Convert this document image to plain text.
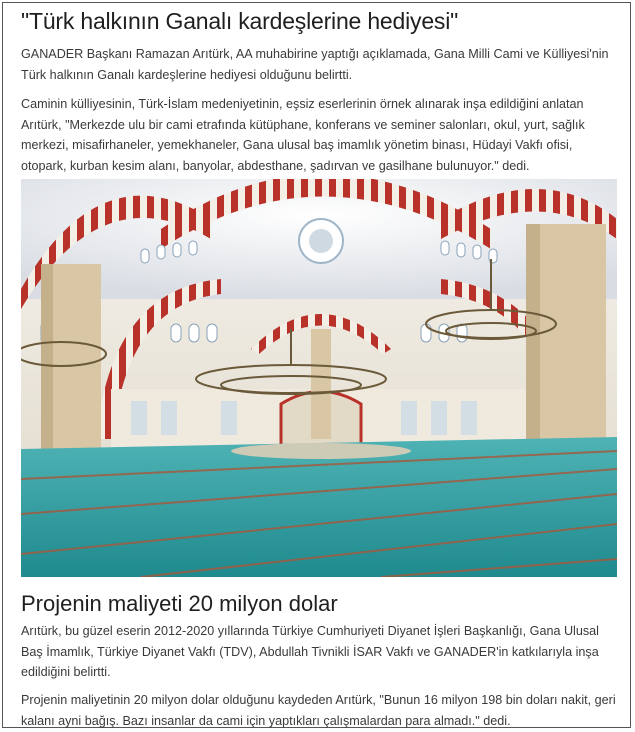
"Türk halkının Ganalı kardeşlerine hediyesi"

GANADER Başkanı Ramazan Arıtürk, AA muhabirine yaptığı açıklamada, Gana Milli Cami ve Külliyesi'nin Türk halkının Ganalı kardeşlerine hediyesi olduğunu belirtti.

Caminin külliyesinin, Türk-İslam medeniyetinin, eşsiz eserlerinin örnek alınarak inşa edildiğini anlatan Arıtürk, "Merkezde ulu bir cami etrafında kütüphane, konferans ve seminer salonları, okul, yurt, sağlık merkezi, misafirhaneler, yemekhaneler, Gana ulusal baş imamlık yönetim binası, Hüdayi Vakfı ofisi, otopark, kurban kesim alanı, banyolar, abdesthane, şadırvan ve gasilhane bulunuyor." dedi.

Projenin maliyeti 20 milyon dolar

Arıtürk, bu güzel eserin 2012-2020 yıllarında Türkiye Cumhuriyeti Diyanet İşleri Başkanlığı, Gana Ulusal Baş İmamlık, Türkiye Diyanet Vakfı (TDV), Abdullah Tivnikli İSAR Vakfı ve GANADER'in katkılarıyla inşa edildiğini belirtti.

Projenin maliyetinin 20 milyon dolar olduğunu kaydeden Arıtürk, "Bunun 16 milyon 198 bin doları nakit, geri kalanı ayni bağış. Bazı insanlar da cami için yaptıkları çalışmalardan para almadı." dedi.
